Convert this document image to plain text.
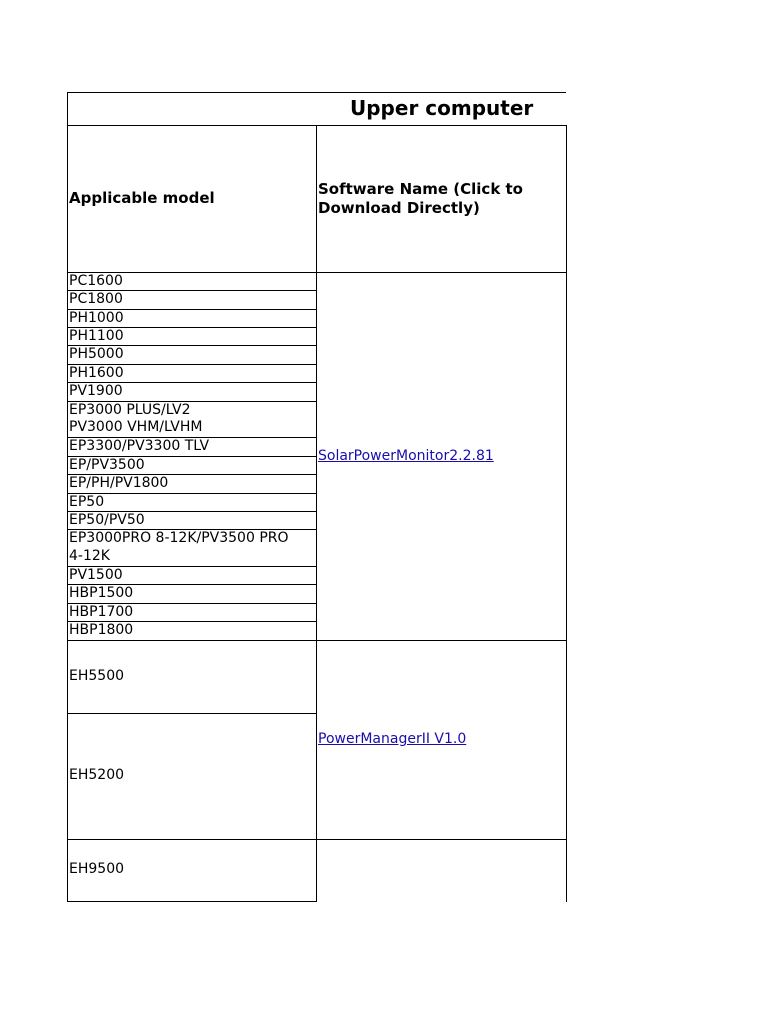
Upper computer
Applicable model	Software Name (Click to
Download Directly)
PC1600
PC1800
PH1000
PH1100
PH5000
PH1600
PV1900
EP3000 PLUS/LV2
PV3000 VHM/LVHM
EP3300/PV3300 TLV
EP/PV3500
EP/PH/PV1800
EP50
EP50/PV50
EP3000PRO 8-12K/PV3500 PRO
4-12K
PV1500
HBP1500
HBP1700
HBP1800
SolarPowerMonitor2.2.81
EH5500
EH5200
PowerManagerII V1.0
EH9500
